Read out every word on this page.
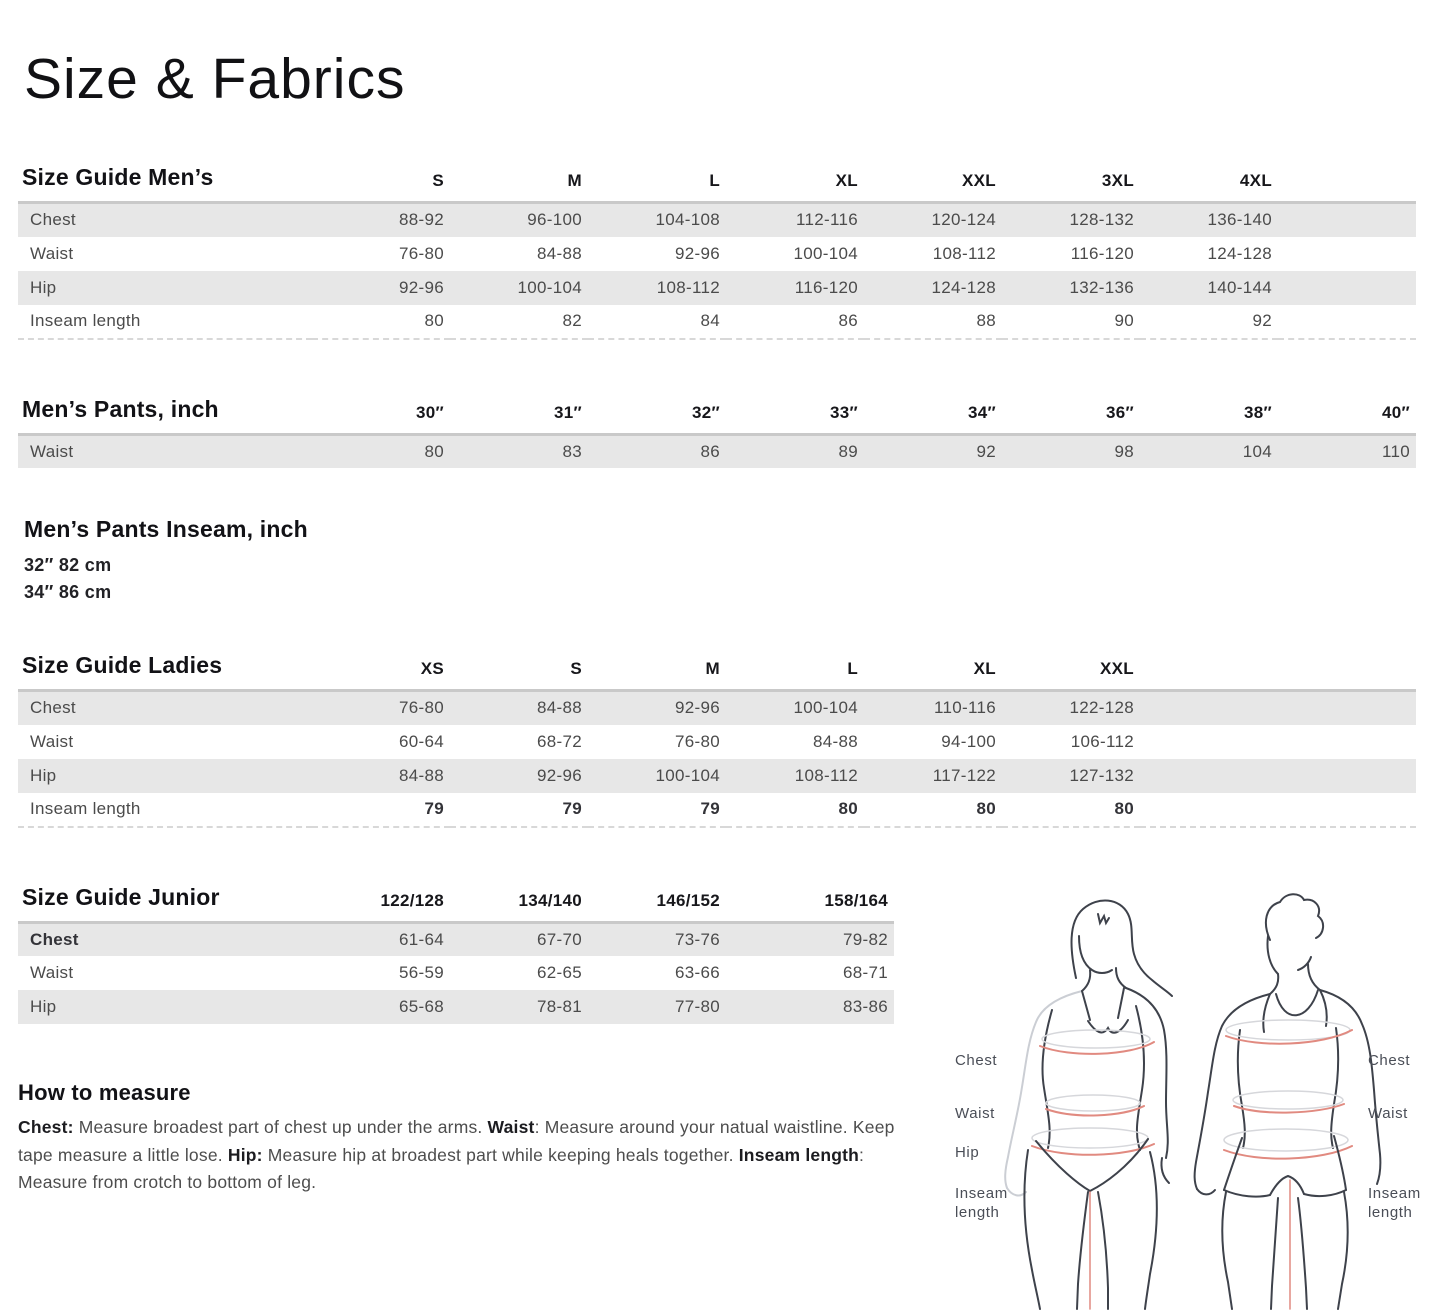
Size & Fabrics
Size Guide Men’s	S	M	L	XL	XXL	3XL	4XL	
Chest	88-92	96-100	104-108	112-116	120-124	128-132	136-140	
Waist	76-80	84-88	92-96	100-104	108-112	116-120	124-128	
Hip	92-96	100-104	108-112	116-120	124-128	132-136	140-144	
Inseam length	80	82	84	86	88	90	92	
Men’s Pants, inch	30″	31″	32″	33″	34″	36″	38″	40″
Waist	80	83	86	89	92	98	104	110
Men’s Pants Inseam, inch
32″ 82 cm
34″ 86 cm
Size Guide Ladies	XS	S	M	L	XL	XXL	
Chest	76-80	84-88	92-96	100-104	110-116	122-128	
Waist	60-64	68-72	76-80	84-88	94-100	106-112	
Hip	84-88	92-96	100-104	108-112	117-122	127-132	
Inseam length	79	79	79	80	80	80	
Size Guide Junior	122/128	134/140	146/152	158/164
Chest	61-64	67-70	73-76	79-82
Waist	56-59	62-65	63-66	68-71
Hip	65-68	78-81	77-80	83-86
How to measure

Chest: Measure broadest part of chest up under the arms. Waist: Measure around your natual waistline. Keep tape measure a little lose. Hip: Measure hip at broadest part while keeping heals together. Inseam length: Measure from crotch to bottom of leg.

Chest
Waist
Hip
Inseam length
Chest
Waist
Inseam length
